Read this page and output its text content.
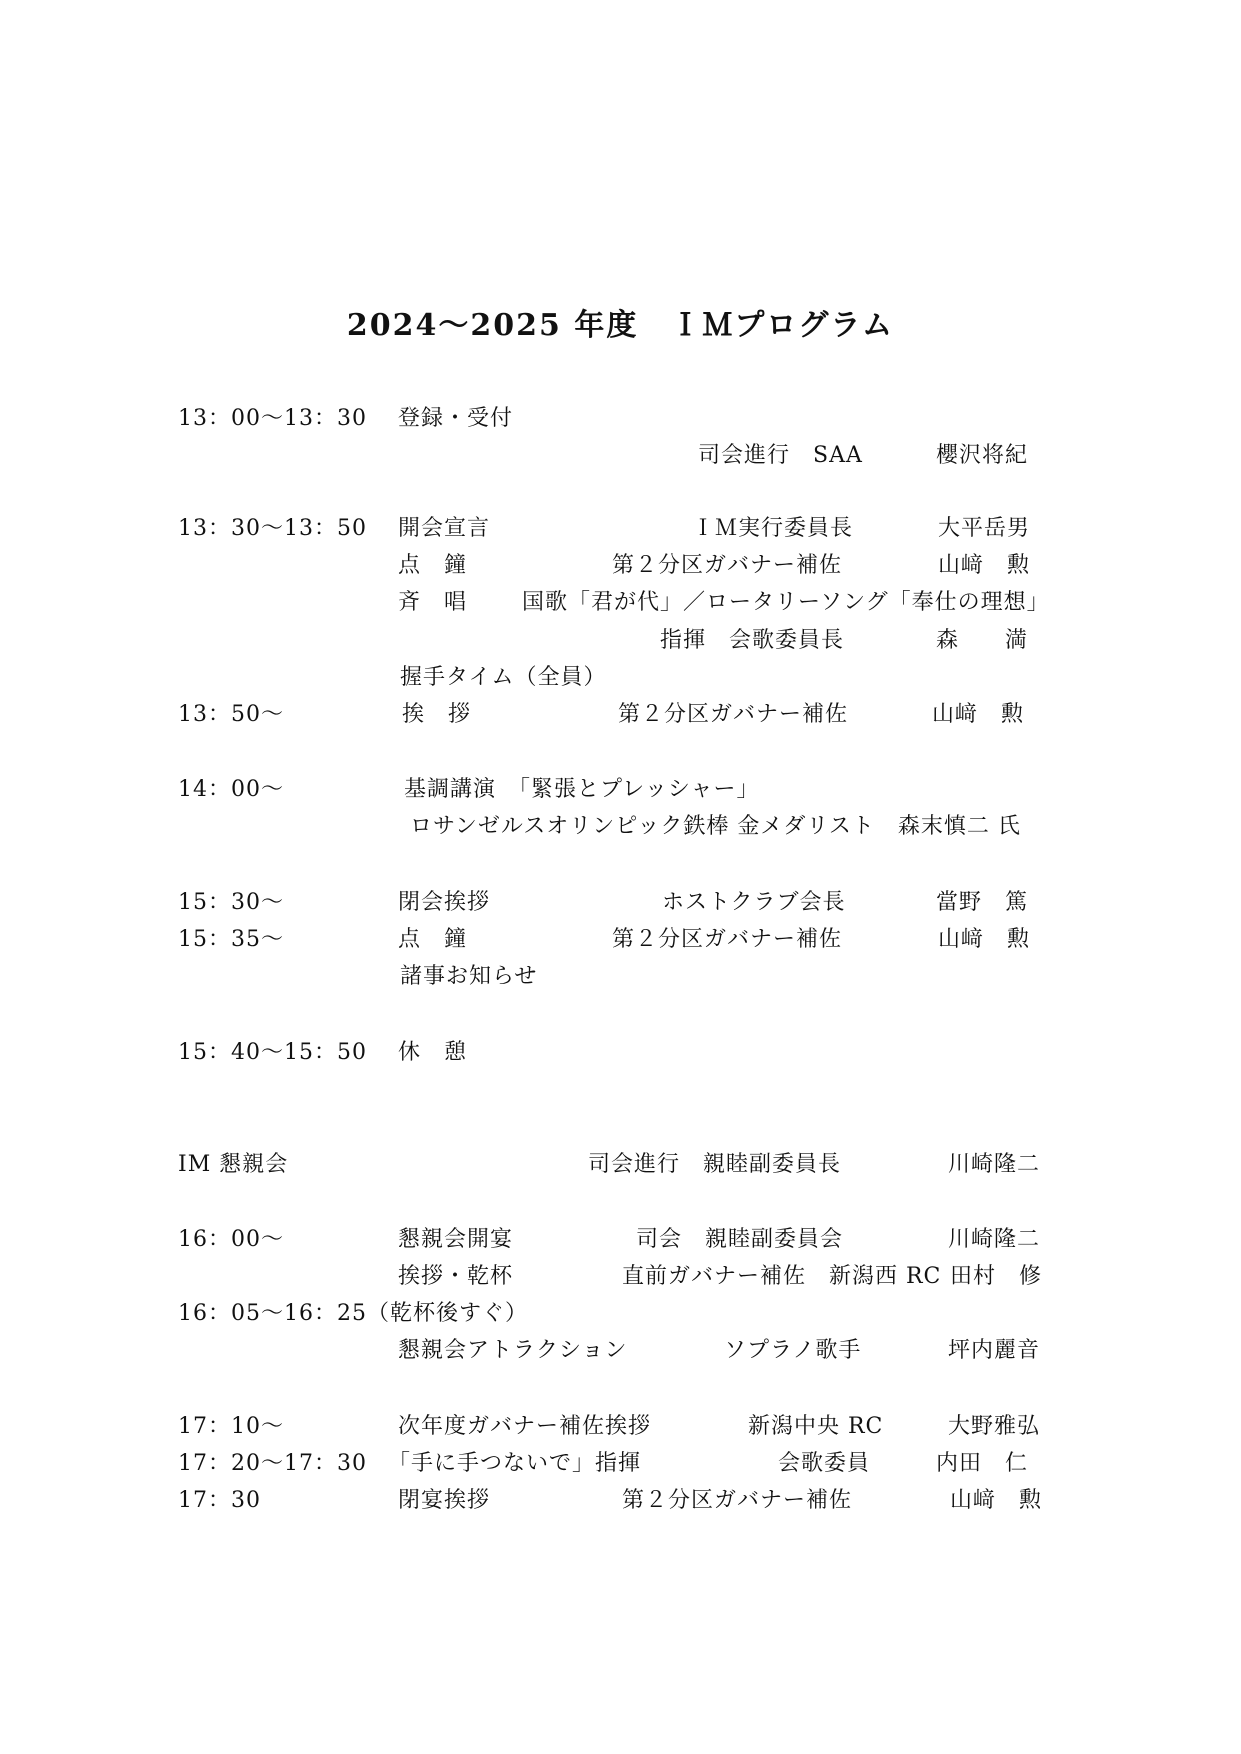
2024～2025 年度　ＩＭプログラム
13：00～13：30 登録・受付
司会進行　SAA	櫻沢将紀
13：30～13：50 開会宣言	ＩＭ実行委員長	大平岳男
点　鐘	第２分区ガバナー補佐	山﨑　勲
斉　唱 国歌「君が代」／ロータリーソング「奉仕の理想」
指揮　会歌委員長	森　　満
握手タイム（全員）
13：50～	挨　拶	第２分区ガバナー補佐	山﨑　勲
14：00～	基調講演　「緊張とプレッシャー」
ロサンゼルスオリンピック鉄棒 金メダリスト　森末慎二 氏
15：30～	閉会挨拶	ホストクラブ会長	當野　篤
15：35～	点　鐘	第２分区ガバナー補佐	山﨑　勲
諸事お知らせ
15：40～15：50 休　憩
IM 懇親会	司会進行　親睦副委員長	川崎隆二
16：00～	懇親会開宴	司会　親睦副委員会	川崎隆二
挨拶・乾杯	直前ガバナー補佐　新潟西 RC 田村　修
16：05～16：25（乾杯後すぐ）
懇親会アトラクション	ソプラノ歌手	坪内麗音
17：10～	次年度ガバナー補佐挨拶	新潟中央 RC	大野雅弘
17：20～17：30 「手に手つないで」指揮	会歌委員	内田　仁
17：30	閉宴挨拶	第２分区ガバナー補佐	山﨑　勲
